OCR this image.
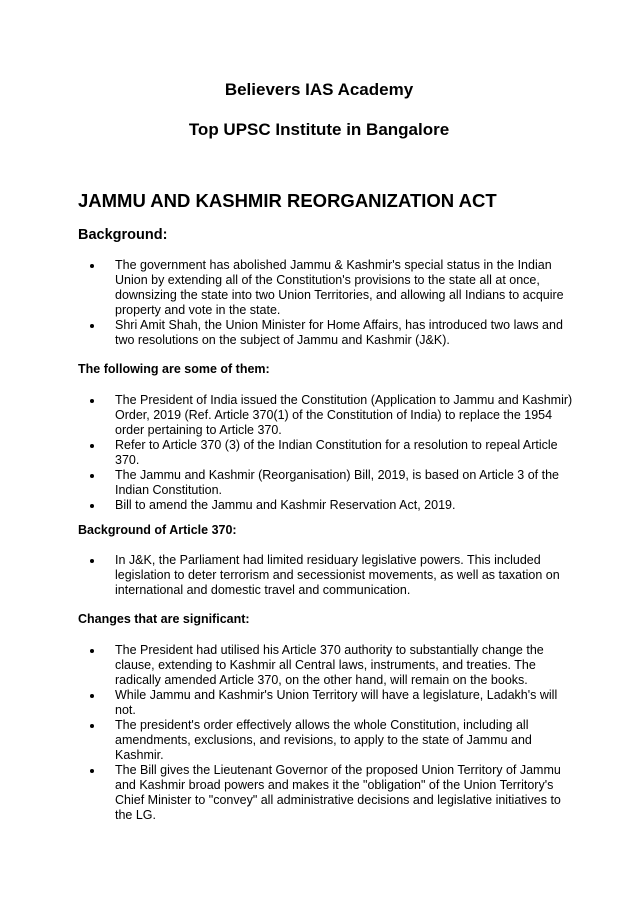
Believers IAS Academy
Top UPSC Institute in Bangalore
JAMMU AND KASHMIR REORGANIZATION ACT
Background:
The government has abolished Jammu & Kashmir's special status in the Indian Union by extending all of the Constitution's provisions to the state all at once, downsizing the state into two Union Territories, and allowing all Indians to acquire property and vote in the state.
Shri Amit Shah, the Union Minister for Home Affairs, has introduced two laws and two resolutions on the subject of Jammu and Kashmir (J&K).
The following are some of them:
The President of India issued the Constitution (Application to Jammu and Kashmir) Order, 2019 (Ref. Article 370(1) of the Constitution of India) to replace the 1954 order pertaining to Article 370.
Refer to Article 370 (3) of the Indian Constitution for a resolution to repeal Article 370.
The Jammu and Kashmir (Reorganisation) Bill, 2019, is based on Article 3 of the Indian Constitution.
Bill to amend the Jammu and Kashmir Reservation Act, 2019.
Background of Article 370:
In J&K, the Parliament had limited residuary legislative powers. This included legislation to deter terrorism and secessionist movements, as well as taxation on international and domestic travel and communication.
Changes that are significant:
The President had utilised his Article 370 authority to substantially change the clause, extending to Kashmir all Central laws, instruments, and treaties. The radically amended Article 370, on the other hand, will remain on the books.
While Jammu and Kashmir's Union Territory will have a legislature, Ladakh's will not.
The president's order effectively allows the whole Constitution, including all amendments, exclusions, and revisions, to apply to the state of Jammu and Kashmir.
The Bill gives the Lieutenant Governor of the proposed Union Territory of Jammu and Kashmir broad powers and makes it the "obligation" of the Union Territory's Chief Minister to "convey" all administrative decisions and legislative initiatives to the LG.
